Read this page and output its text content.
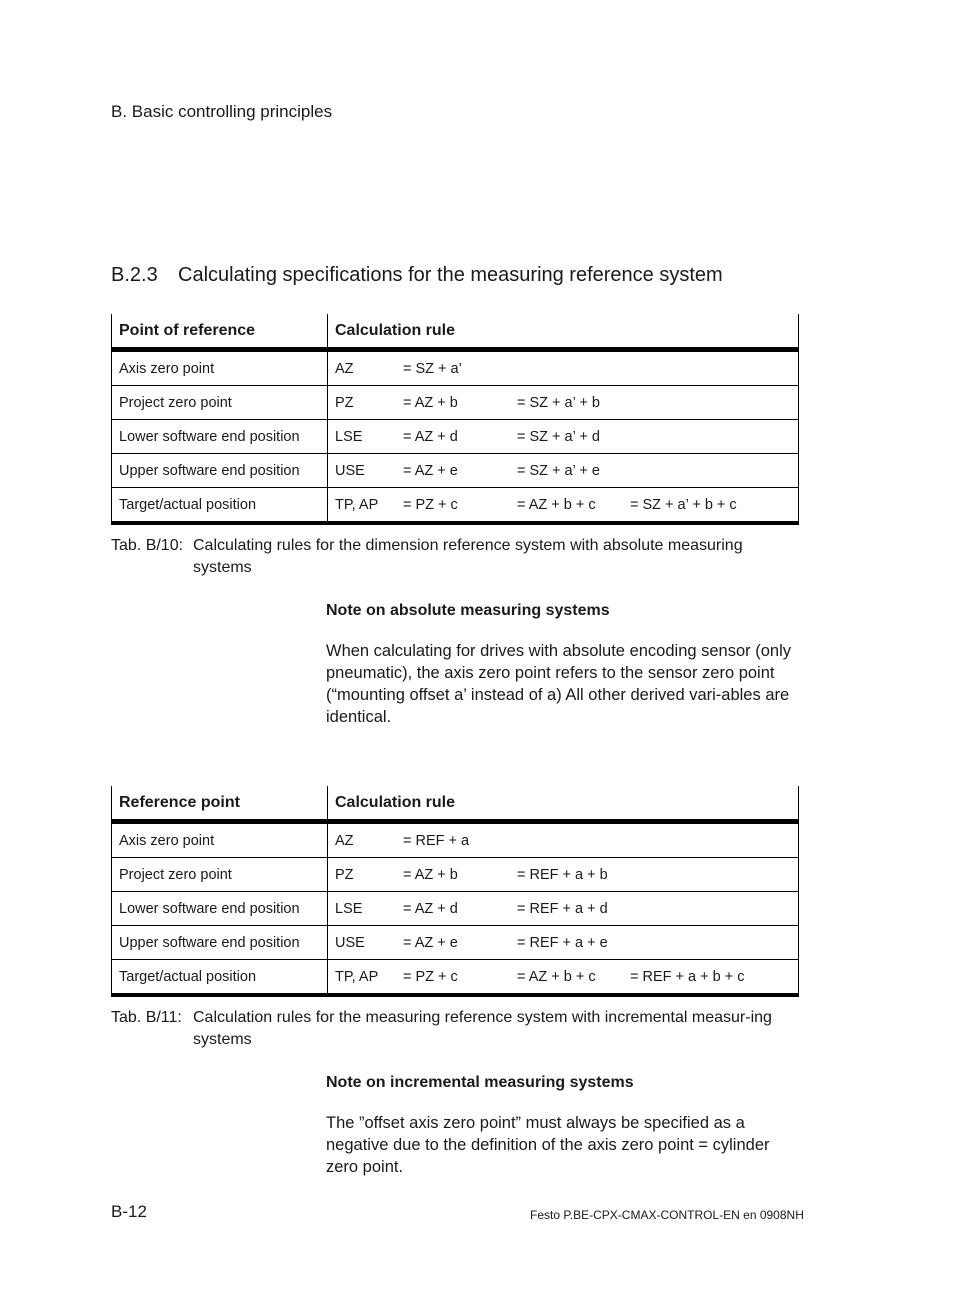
B. Basic controlling principles
B.2.3 Calculating specifications for the measuring reference system
Point of reference	Calculation rule
Axis zero point	AZ = SZ + a’

Project zero point	PZ = AZ + b = SZ + a’ + b

Lower software end position	LSE = AZ + d = SZ + a’ + d

Upper software end position	USE = AZ + e = SZ + a’ + e

Target/actual position	TP, AP = PZ + c = AZ + b + c = SZ + a’ + b + c
Tab. B/10: Calculating rules for the dimension reference system with absolute measuring systems
Note on absolute measuring systems
When calculating for drives with absolute encoding sensor (only pneumatic), the axis zero point refers to the sensor zero point (“mounting offset a’ instead of a) All other derived vari-ables are identical.
Reference point	Calculation rule
Axis zero point	AZ = REF + a

Project zero point	PZ = AZ + b = REF + a + b

Lower software end position	LSE = AZ + d = REF + a + d

Upper software end position	USE = AZ + e = REF + a + e

Target/actual position	TP, AP = PZ + c = AZ + b + c = REF + a + b + c
Tab. B/11: Calculation rules for the measuring reference system with incremental measur-ing systems
Note on incremental measuring systems
The ”offset axis zero point” must always be specified as a negative due to the definition of the axis zero point = cylinder zero point.
B-12	Festo P.BE-CPX-CMAX-CONTROL-EN en 0908NH
